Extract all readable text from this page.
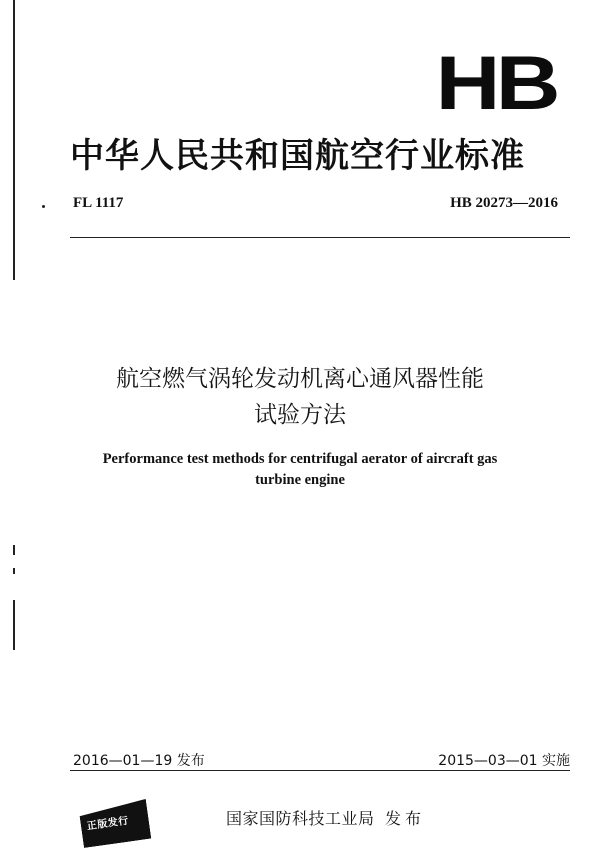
HB
中华人民共和国航空行业标准
FL 1117	HB 20273—2016
航空燃气涡轮发动机离心通风器性能
试验方法
Performance test methods for centrifugal aerator of aircraft gas
turbine engine
2016—01—19 发布	2015—03—01 实施
正版发行	国家国防科技工业局 发布
